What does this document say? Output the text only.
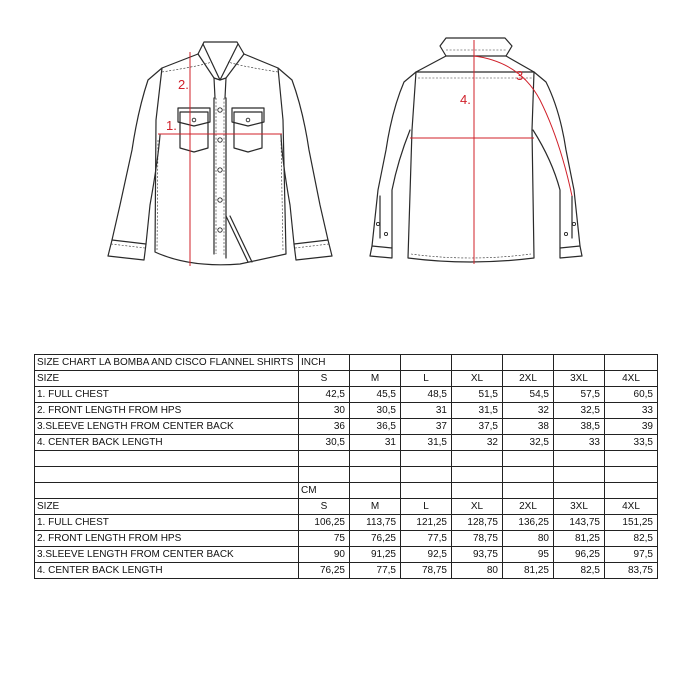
2.
1.
4.
3.
SIZE CHART LA BOMBA AND CISCO FLANNEL SHIRTS	INCH						
SIZE	S	M	L	XL	2XL	3XL	4XL
1. FULL CHEST	42,5	45,5	48,5	51,5	54,5	57,5	60,5
2. FRONT LENGTH FROM HPS	30	30,5	31	31,5	32	32,5	33
3.SLEEVE LENGTH FROM CENTER BACK	36	36,5	37	37,5	38	38,5	39
4. CENTER BACK LENGTH	30,5	31	31,5	32	32,5	33	33,5

	CM						
SIZE	S	M	L	XL	2XL	3XL	4XL
1. FULL CHEST	106,25	113,75	121,25	128,75	136,25	143,75	151,25
2. FRONT LENGTH FROM HPS	75	76,25	77,5	78,75	80	81,25	82,5
3.SLEEVE LENGTH FROM CENTER BACK	90	91,25	92,5	93,75	95	96,25	97,5
4. CENTER BACK LENGTH	76,25	77,5	78,75	80	81,25	82,5	83,75
